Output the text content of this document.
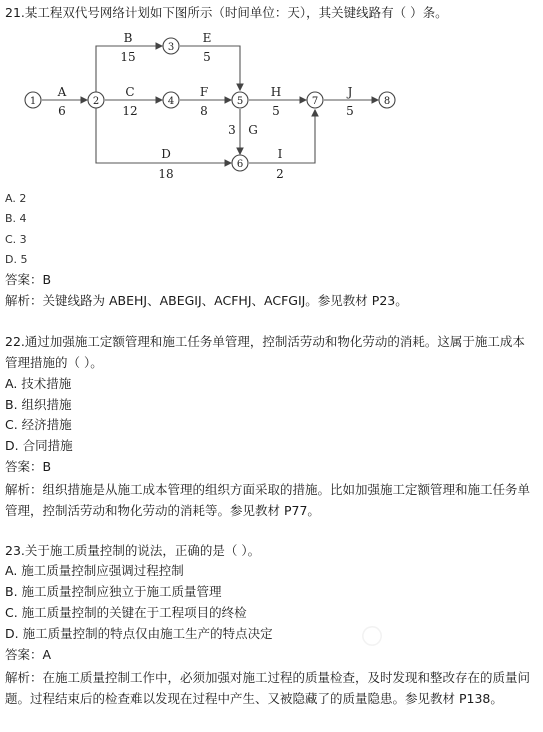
○
21.某工程双代号网络计划如下图所示（时间单位：天），其关键线路有（ ）条。
1	2
3
4	5
6
7	8
A
6
B
15
C
12
D
18
E
5
F
8
G
3
H
5
I
2
J
5
A. 2
B. 4
C. 3
D. 5
答案：B
解析：关键线路为 ABEHJ、ABEGIJ、ACFHJ、ACFGIJ。参见教材 P23。
22.通过加强施工定额管理和施工任务单管理，控制活劳动和物化劳动的消耗。这属于施工成本管理措施的（ ）。
A. 技术措施
B. 组织措施
C. 经济措施
D. 合同措施
答案：B
解析：组织措施是从施工成本管理的组织方面采取的措施。比如加强施工定额管理和施工任务单管理，控制活劳动和物化劳动的消耗等。参见教材 P77。
23.关于施工质量控制的说法，正确的是（ ）。
A. 施工质量控制应强调过程控制
B. 施工质量控制应独立于施工质量管理
C. 施工质量控制的关键在于工程项目的终检
D. 施工质量控制的特点仅由施工生产的特点决定
答案：A
解析：在施工质量控制工作中，必须加强对施工过程的质量检查，及时发现和整改存在的质量问题。过程结束后的检查难以发现在过程中产生、又被隐藏了的质量隐患。参见教材 P138。
